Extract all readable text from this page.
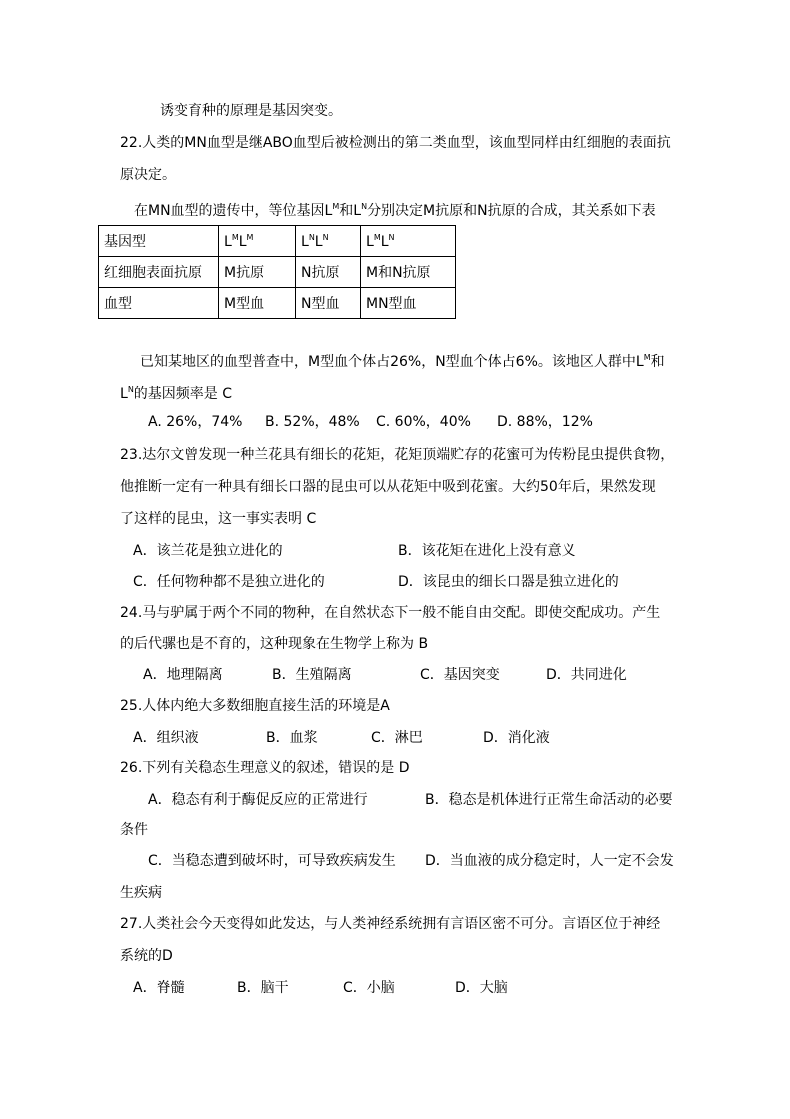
诱变育种的原理是基因突变。
22.人类的MN血型是继ABO血型后被检测出的第二类血型，该血型同样由红细胞的表面抗
原决定。
在MN血型的遗传中，等位基因$L^M$和$L^N$分别决定M抗原和N抗原的合成，其关系如下表
基因型	$L^ML^M$	$L^NL^N$	$L^ML^N$
红细胞表面抗原	M抗原	N抗原	M和N抗原
血型	M型血	N型血	MN型血
已知某地区的血型普查中，M型血个体占26%，N型血个体占6%。该地区人群中$L^M$和
$L^N$的基因频率是 C
A. 26%，74% B. 52%，48% C. 60%，40% D. 88%，12%
23.达尔文曾发现一种兰花具有细长的花矩，花矩顶端贮存的花蜜可为传粉昆虫提供食物，
他推断一定有一种具有细长口器的昆虫可以从花矩中吸到花蜜。大约50年后，果然发现
了这样的昆虫，这一事实表明 C
A．该兰花是独立进化的	B．该花矩在进化上没有意义
C．任何物种都不是独立进化的	D．该昆虫的细长口器是独立进化的
24.马与驴属于两个不同的物种，在自然状态下一般不能自由交配。即使交配成功。产生
的后代骡也是不育的，这种现象在生物学上称为 B
A．地理隔离	B．生殖隔离	C．基因突变	D．共同进化
25.人体内绝大多数细胞直接生活的环境是A
A．组织液	B．血浆	C．淋巴	D．消化液
26.下列有关稳态生理意义的叙述，错误的是 D
A．稳态有利于酶促反应的正常进行	B．稳态是机体进行正常生命活动的必要
条件
C．当稳态遭到破坏时，可导致疾病发生 D．当血液的成分稳定时，人一定不会发
生疾病
27.人类社会今天变得如此发达，与人类神经系统拥有言语区密不可分。言语区位于神经
系统的D
A．脊髓	B．脑干	C．小脑	D．大脑
